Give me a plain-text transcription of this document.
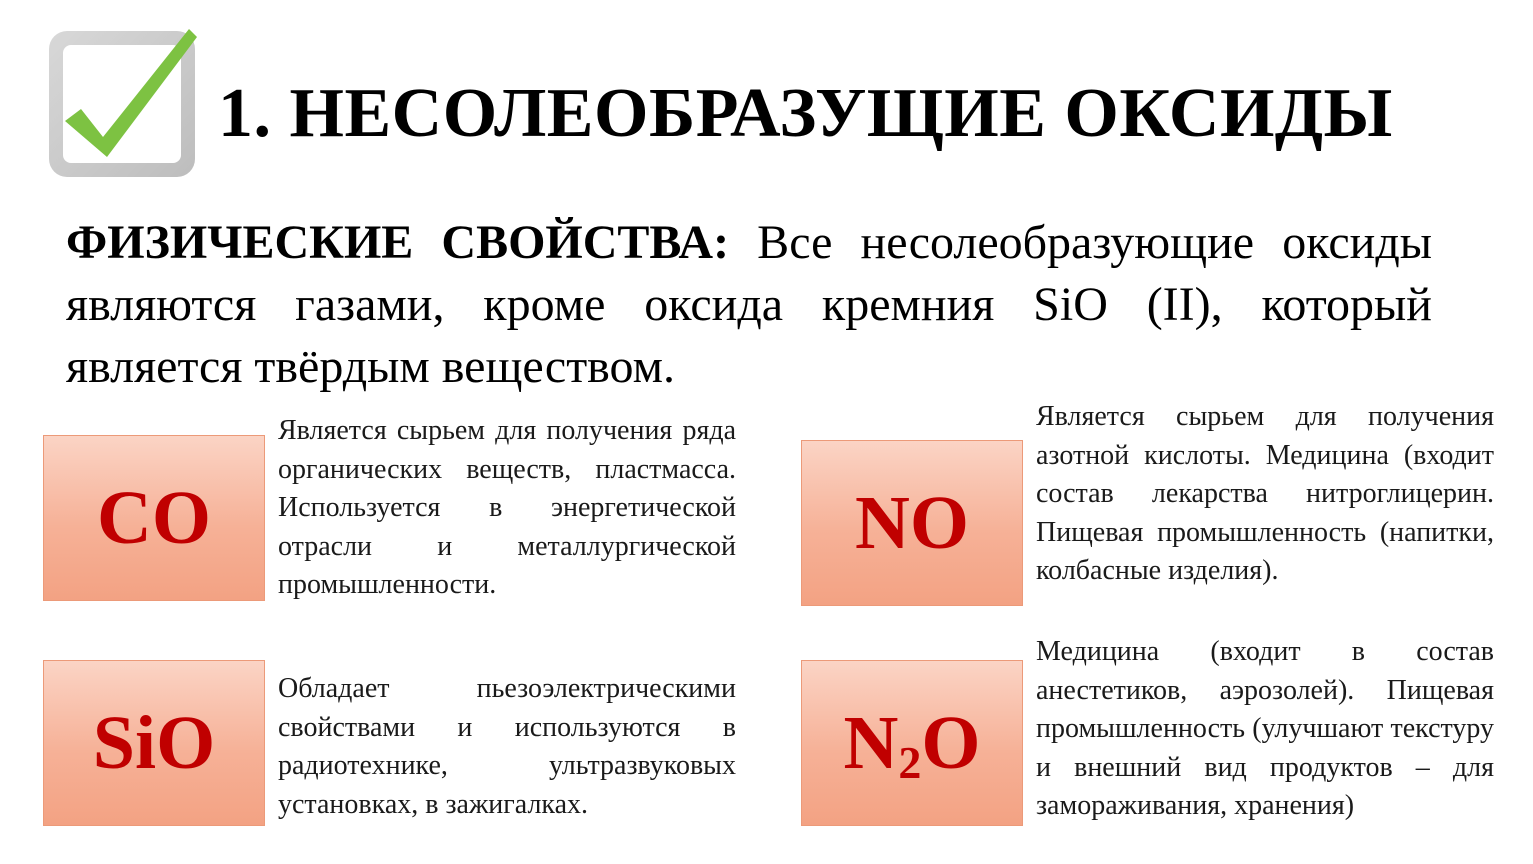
1. НЕСОЛЕОБРАЗУЩИЕ ОКСИДЫ
ФИЗИЧЕСКИЕ СВОЙСТВА: Все несолеобразующие оксиды являются газами, кроме оксида кремния SiO (II), который является твёрдым веществом.
CO
Является сырьем для получения ряда органических веществ, пластмасса. Используется в энергетической отрасли и металлургической промышленности.
NO
Является сырьем для получения азотной кислоты. Медицина (входит состав лекарства нитроглицерин. Пищевая промышленность (напитки, колбасные изделия).
SiO
Обладает пьезоэлектрическими свойствами и используются в радиотехнике, ультразвуковых установках, в зажигалках.
N2O
Медицина (входит в состав анестетиков, аэрозолей). Пищевая промышленность (улучшают текстуру и внешний вид продуктов – для замораживания, хранения)
